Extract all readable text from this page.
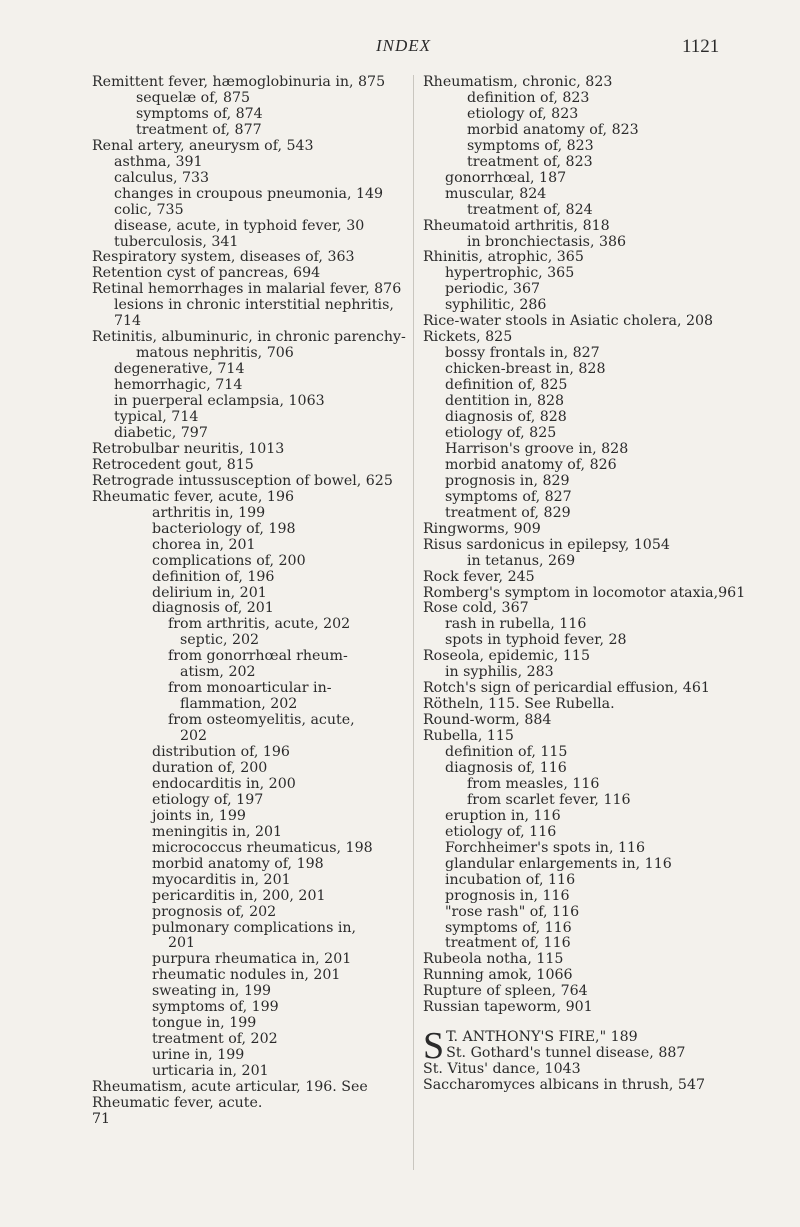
INDEX	1121
Remittent fever, hæmoglobinuria in, 875
sequelæ of, 875
symptoms of, 874
treatment of, 877
Renal artery, aneurysm of, 543
asthma, 391
calculus, 733
changes in croupous pneumonia, 149
colic, 735
disease, acute, in typhoid fever, 30
tuberculosis, 341
Respiratory system, diseases of, 363
Retention cyst of pancreas, 694
Retinal hemorrhages in malarial fever, 876
lesions in chronic interstitial nephritis,
714
Retinitis, albuminuric, in chronic parenchy-
matous nephritis, 706
degenerative, 714
hemorrhagic, 714
in puerperal eclampsia, 1063
typical, 714
diabetic, 797
Retrobulbar neuritis, 1013
Retrocedent gout, 815
Retrograde intussusception of bowel, 625
Rheumatic fever, acute, 196
arthritis in, 199
bacteriology of, 198
chorea in, 201
complications of, 200
definition of, 196
delirium in, 201
diagnosis of, 201
from arthritis, acute, 202
septic, 202
from gonorrhœal rheum-
atism, 202
from monoarticular in-
flammation, 202
from osteomyelitis, acute,
202
distribution of, 196
duration of, 200
endocarditis in, 200
etiology of, 197
joints in, 199
meningitis in, 201
micrococcus rheumaticus, 198
morbid anatomy of, 198
myocarditis in, 201
pericarditis in, 200, 201
prognosis of, 202
pulmonary complications in,
201
purpura rheumatica in, 201
rheumatic nodules in, 201
sweating in, 199
symptoms of, 199
tongue in, 199
treatment of, 202
urine in, 199
urticaria in, 201
Rheumatism, acute articular, 196. See
Rheumatic fever, acute.
71
Rheumatism, chronic, 823
definition of, 823
etiology of, 823
morbid anatomy of, 823
symptoms of, 823
treatment of, 823
gonorrhœal, 187
muscular, 824
treatment of, 824
Rheumatoid arthritis, 818
in bronchiectasis, 386
Rhinitis, atrophic, 365
hypertrophic, 365
periodic, 367
syphilitic, 286
Rice-water stools in Asiatic cholera, 208
Rickets, 825
bossy frontals in, 827
chicken-breast in, 828
definition of, 825
dentition in, 828
diagnosis of, 828
etiology of, 825
Harrison's groove in, 828
morbid anatomy of, 826
prognosis in, 829
symptoms of, 827
treatment of, 829
Ringworms, 909
Risus sardonicus in epilepsy, 1054
in tetanus, 269
Rock fever, 245
Romberg's symptom in locomotor ataxia,961
Rose cold, 367
rash in rubella, 116
spots in typhoid fever, 28
Roseola, epidemic, 115
in syphilis, 283
Rotch's sign of pericardial effusion, 461
Rötheln, 115. See Rubella.
Round-worm, 884
Rubella, 115
definition of, 115
diagnosis of, 116
from measles, 116
from scarlet fever, 116
eruption in, 116
etiology of, 116
Forchheimer's spots in, 116
glandular enlargements in, 116
incubation of, 116
prognosis in, 116
"rose rash" of, 116
symptoms of, 116
treatment of, 116
Rubeola notha, 115
Running amok, 1066
Rupture of spleen, 764
Russian tapeworm, 901
S T. ANTHONY'S FIRE," 189
St. Gothard's tunnel disease, 887
St. Vitus' dance, 1043
Saccharomyces albicans in thrush, 547
